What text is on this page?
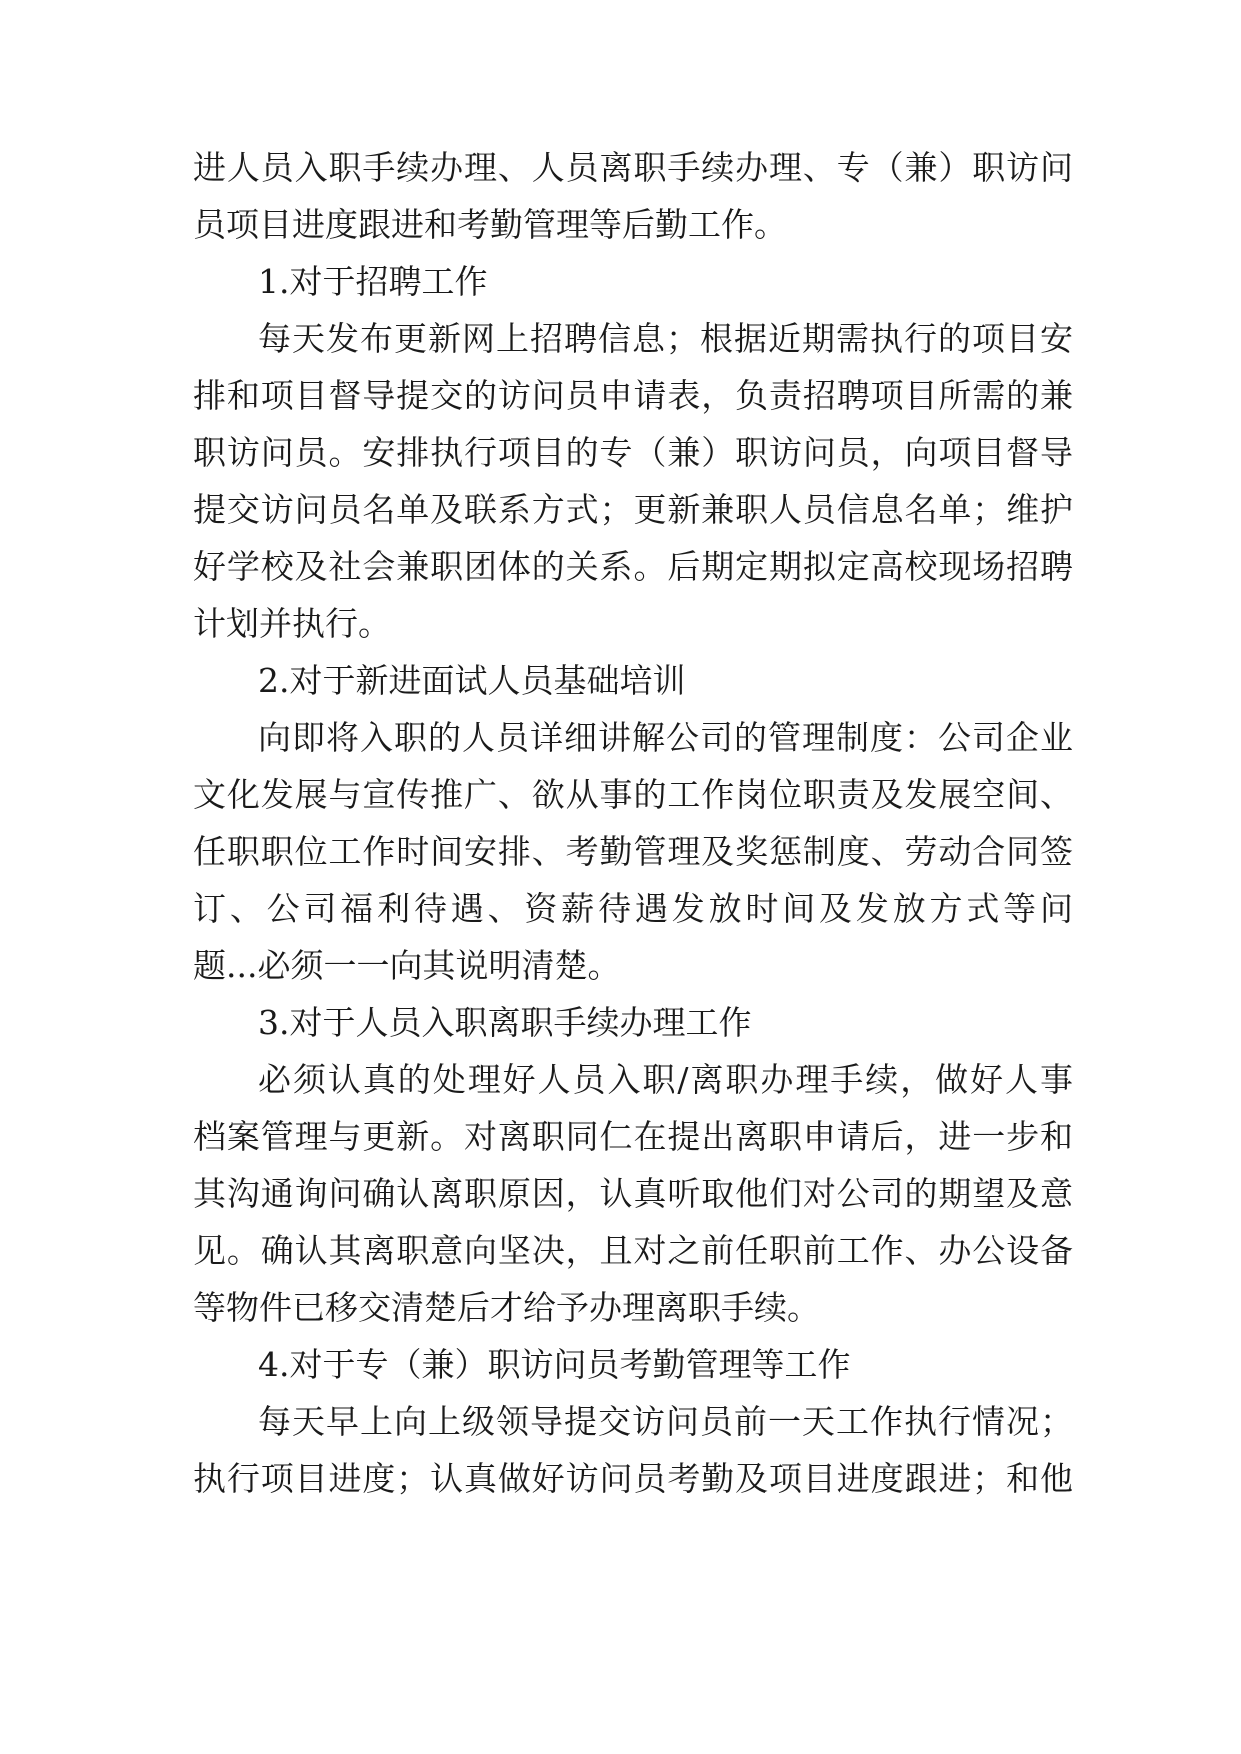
进人员入职手续办理、人员离职手续办理、专（兼）职访问
员项目进度跟进和考勤管理等后勤工作。
1.对于招聘工作
每天发布更新网上招聘信息；根据近期需执行的项目安
排和项目督导提交的访问员申请表，负责招聘项目所需的兼
职访问员。安排执行项目的专（兼）职访问员，向项目督导
提交访问员名单及联系方式；更新兼职人员信息名单；维护
好学校及社会兼职团体的关系。后期定期拟定高校现场招聘
计划并执行。
2.对于新进面试人员基础培训
向即将入职的人员详细讲解公司的管理制度：公司企业
文化发展与宣传推广、欲从事的工作岗位职责及发展空间、
任职职位工作时间安排、考勤管理及奖惩制度、劳动合同签
订、公司福利待遇、资薪待遇发放时间及发放方式等问
题...必须一一向其说明清楚。
3.对于人员入职离职手续办理工作
必须认真的处理好人员入职/离职办理手续，做好人事
档案管理与更新。对离职同仁在提出离职申请后，进一步和
其沟通询问确认离职原因，认真听取他们对公司的期望及意
见。确认其离职意向坚决，且对之前任职前工作、办公设备
等物件已移交清楚后才给予办理离职手续。
4.对于专（兼）职访问员考勤管理等工作
每天早上向上级领导提交访问员前一天工作执行情况；
执行项目进度；认真做好访问员考勤及项目进度跟进；和他
